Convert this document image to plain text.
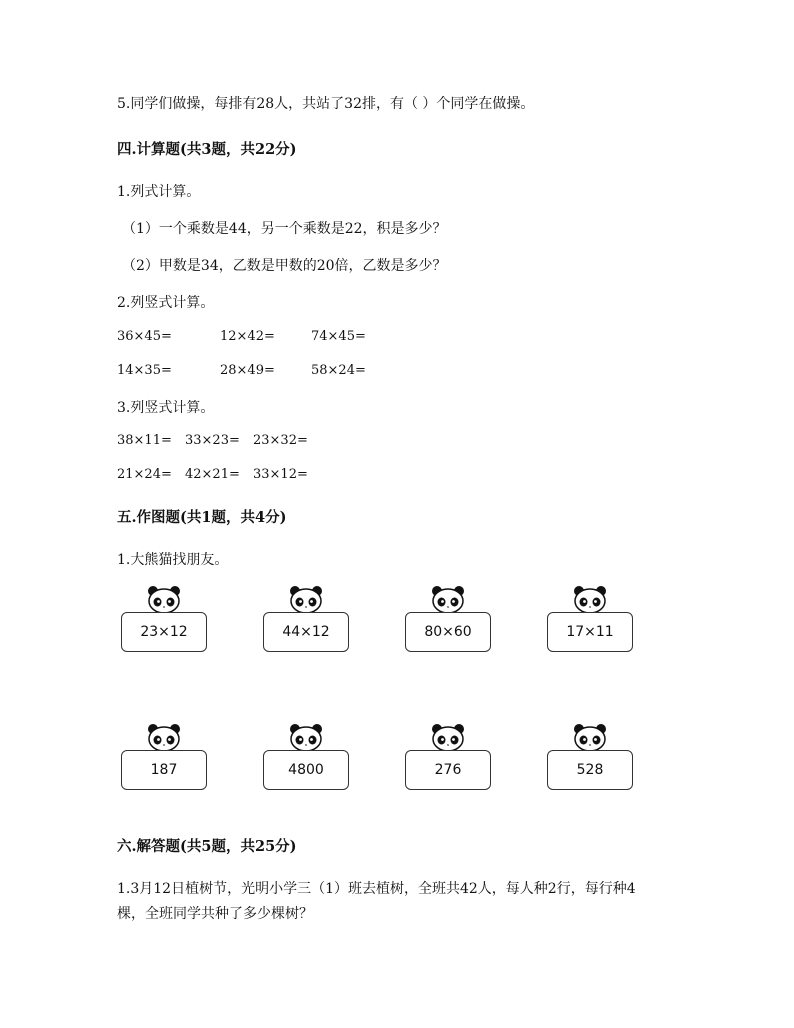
5.同学们做操，每排有28人，共站了32排，有（ ）个同学在做操。
四.计算题(共3题，共22分)
1.列式计算。
（1）一个乘数是44，另一个乘数是22，积是多少？
（2）甲数是34，乙数是甲数的20倍，乙数是多少？
2.列竖式计算。
36×45=	12×42=	74×45=
14×35=	28×49=	58×24=
3.列竖式计算。
38×11= 33×23= 23×32=
21×24= 42×21= 33×12=
五.作图题(共1题，共4分)
1.大熊猫找朋友。
x
23×12
x
44×12
x
80×60
x
17×11
x
187
x
4800
x
276
x
528
六.解答题(共5题，共25分)
1.3月12日植树节，光明小学三（1）班去植树，全班共42人，每人种2行，每行种4
棵，全班同学共种了多少棵树？
